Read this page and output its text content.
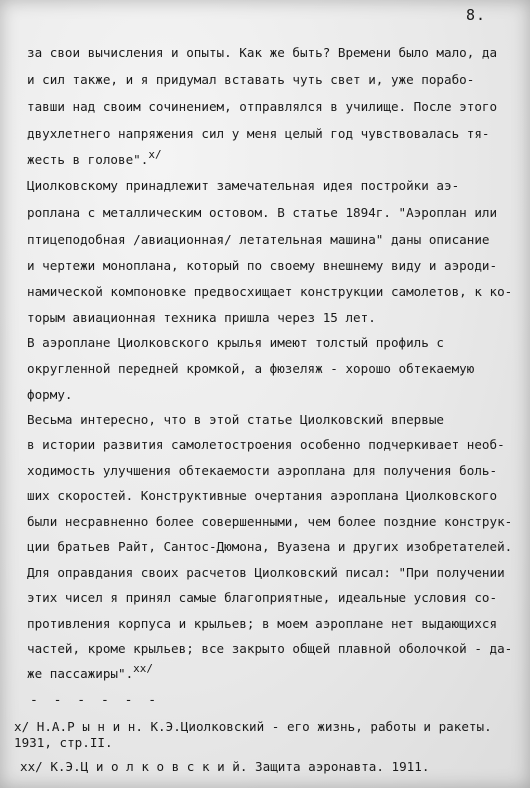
8.
за свои вычисления и опыты. Как же быть? Времени было мало, да
и сил также, и я придумал вставать чуть свет и, уже порабо-
тавши над своим сочинением, отправлялся в училище. После этого
двухлетнего напряжения сил у меня целый год чувствовалась тя-
жесть в голове".x/
Циолковскому принадлежит замечательная идея постройки аэ-
роплана с металлическим остовом. В статье 1894г. "Аэроплан или
птицеподобная /авиационная/ летательная машина" даны описание
и чертежи моноплана, который по своему внешнему виду и аэроди-
намической компоновке предвосхищает конструкции самолетов, к ко-
торым авиационная техника пришла через 15 лет.
В аэроплане Циолковского крылья имеют толстый профиль с
округленной передней кромкой, а фюзеляж - хорошо обтекаемую
форму.
Весьма интересно, что в этой статье Циолковский впервые
в истории развития самолетостроения особенно подчеркивает необ-
ходимость улучшения обтекаемости аэроплана для получения боль-
ших скоростей. Конструктивные очертания аэроплана Циолковского
были несравненно более совершенными, чем более поздние конструк-
ции братьев Райт, Сантос-Дюмона, Вуазена и других изобретателей.
Для оправдания своих расчетов Циолковский писал: "При получении
этих чисел я принял самые благоприятные, идеальные условия со-
противления корпуса и крыльев; в моем аэроплане нет выдающихся
частей, кроме крыльев; все закрыто общей плавной оболочкой - да-
же пассажиры".xx/
- - - - - -
x/ Н.А.Р ы н и н. К.Э.Циолковский - его жизнь, работы и ракеты.
1931, стр.II.
xx/ К.Э.Ц и о л к о в с к и й. Защита аэронавта. 1911.
